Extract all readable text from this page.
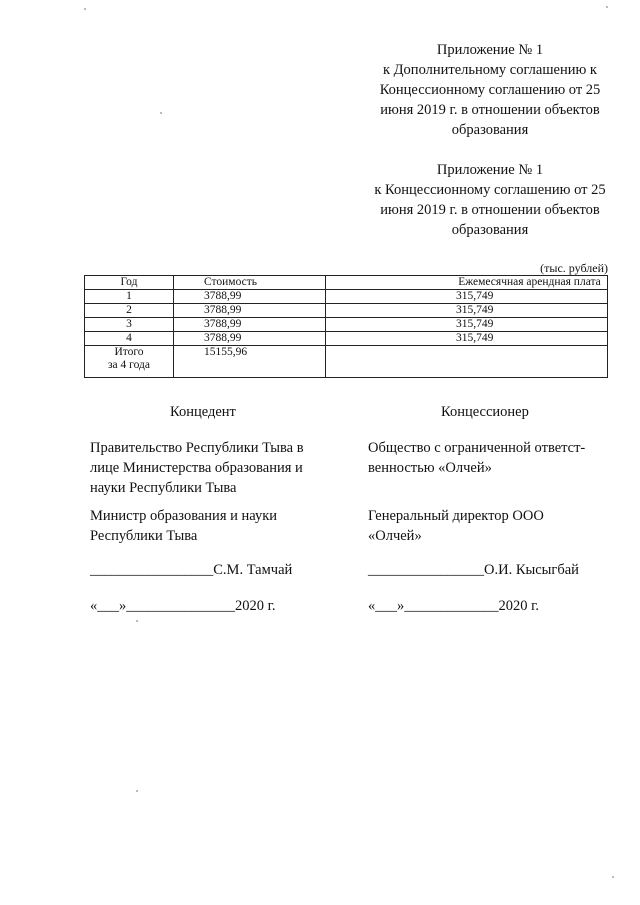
Приложение № 1
к Дополнительному соглашению к
Концессионному соглашению от 25
июня 2019 г. в отношении объектов
образования
Приложение № 1
к Концессионному соглашению от 25
июня 2019 г. в отношении объектов
образования
(тыс. рублей)
Год	Стоимость	Ежемесячная арендная плата
1	3788,99	315,749
2	3788,99	315,749
3	3788,99	315,749
4	3788,99	315,749

Итого
за 4 года	15155,96	
Концедент
Правительство Республики Тыва в
лице Министерства образования и
науки Республики Тыва
Министр образования и науки
Республики Тыва
_________________С.М. Тамчай
«___»_______________2020 г.
Концессионер
Общество с ограниченной ответст-
венностью «Олчей»
Генеральный директор ООО
«Олчей»
________________О.И. Кысыгбай
«___»_____________2020 г.
